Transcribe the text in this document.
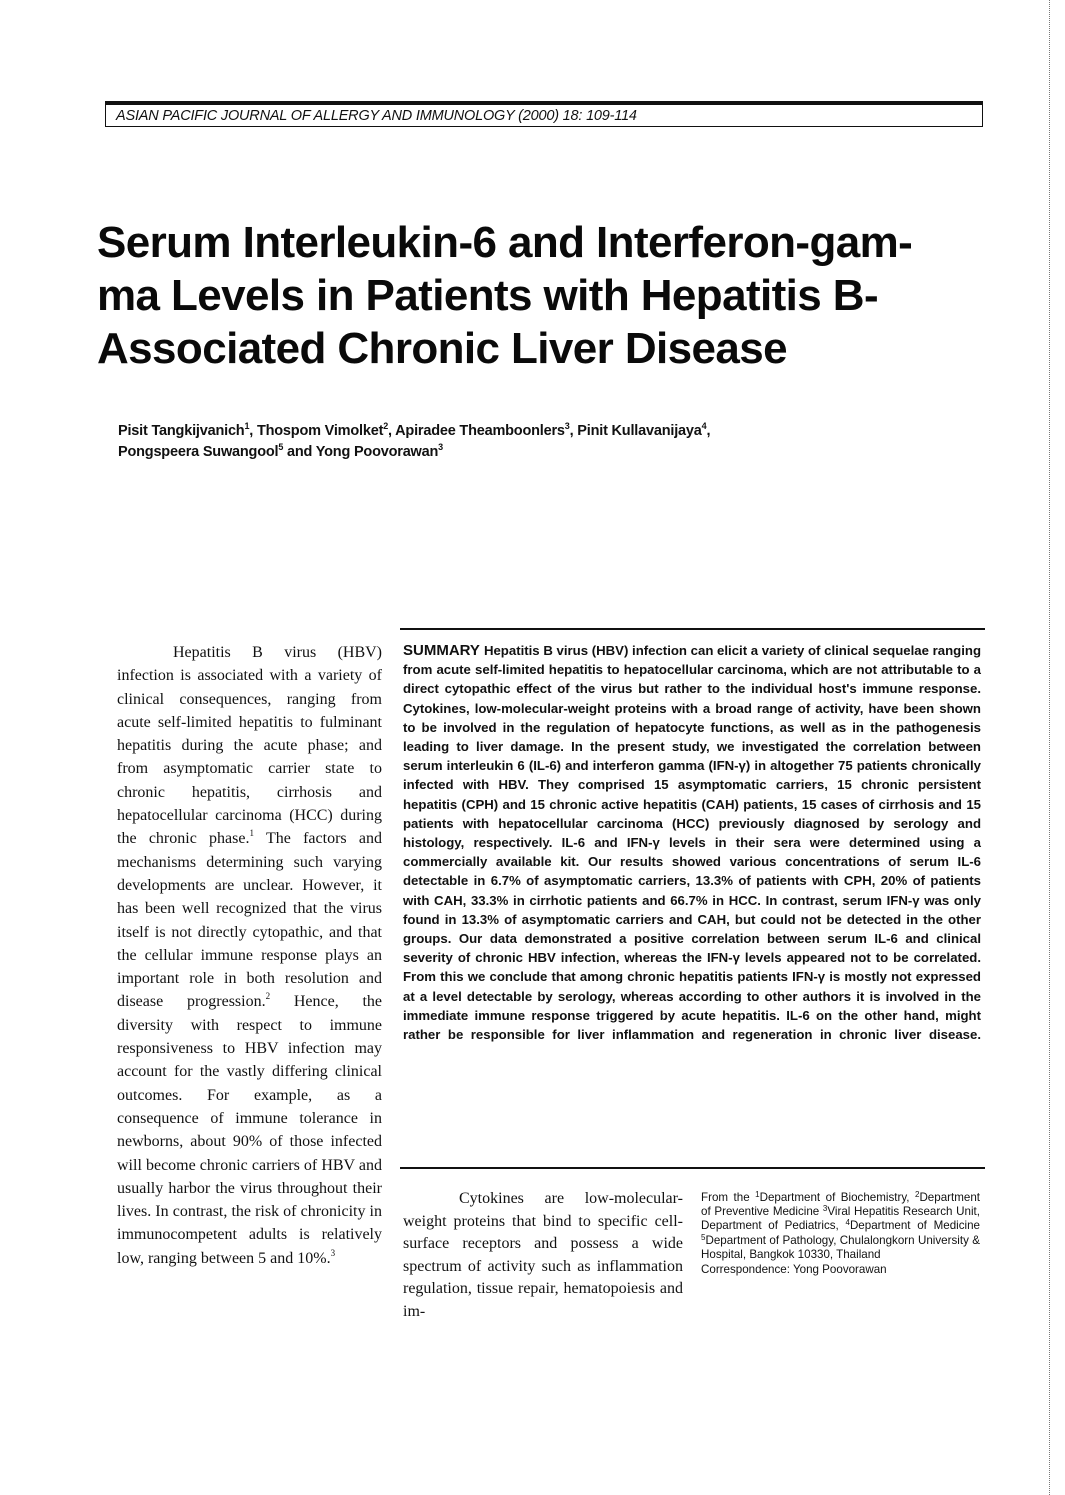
ASIAN PACIFIC JOURNAL OF ALLERGY AND IMMUNOLOGY (2000) 18: 109-114
Serum Interleukin-6 and Interferon-gam-
ma Levels in Patients with Hepatitis B-
Associated Chronic Liver Disease
Pisit Tangkijvanich$^1$, Thospom Vimolket$^2$, Apiradee Theamboonlers$^3$, Pinit Kullavanijaya$^4$,
Pongspeera Suwangool$^5$ and Yong Poovorawan$^3$

Hepatitis B virus (HBV) infection is associated with a variety of clinical consequences, ranging from acute self-limited hepatitis to fulminant hepatitis during the acute phase; and from asymptomatic carrier state to chronic hepatitis, cirrhosis and hepatocellular carcinoma (HCC) during the chronic phase.$^1$ The factors and mechanisms determining such varying developments are unclear. However, it has been well recognized that the virus itself is not directly cytopathic, and that the cellular immune response plays an important role in both resolution and disease progression.$^2$ Hence, the diversity with respect to immune responsiveness to HBV infection may account for the vastly differing clinical outcomes. For example, as a consequence of immune tolerance in newborns, about 90% of those infected will become chronic carriers of HBV and usually harbor the virus throughout their lives. In contrast, the risk of chronicity in immunocompetent adults is relatively low, ranging between 5 and 10%.$^3$

SUMMARY Hepatitis B virus (HBV) infection can elicit a variety of clinical sequelae ranging from acute self-limited hepatitis to hepatocellular carcinoma, which are not attributable to a direct cytopathic effect of the virus but rather to the individual host's immune response. Cytokines, low-molecular-weight proteins with a broad range of activity, have been shown to be involved in the regulation of hepatocyte functions, as well as in the pathogenesis leading to liver damage. In the present study, we investigated the correlation between serum interleukin 6 (IL-6) and interferon gamma (IFN-γ) in altogether 75 patients chronically infected with HBV. They comprised 15 asymptomatic carriers, 15 chronic persistent hepatitis (CPH) and 15 chronic active hepatitis (CAH) patients, 15 cases of cirrhosis and 15 patients with hepatocellular carcinoma (HCC) previously diagnosed by serology and histology, respectively. IL-6 and IFN-γ levels in their sera were determined using a commercially available kit. Our results showed various concentrations of serum IL-6 detectable in 6.7% of asymptomatic carriers, 13.3% of patients with CPH, 20% of patients with CAH, 33.3% in cirrhotic patients and 66.7% in HCC. In contrast, serum IFN-γ was only found in 13.3% of asymptomatic carriers and CAH, but could not be detected in the other groups. Our data demonstrated a positive correlation between serum IL-6 and clinical severity of chronic HBV infection, whereas the IFN-γ levels appeared not to be correlated. From this we conclude that among chronic hepatitis patients IFN-γ is mostly not expressed at a level detectable by serology, whereas according to other authors it is involved in the immediate immune response triggered by acute hepatitis. IL-6 on the other hand, might rather be responsible for liver inflammation and regeneration in chronic liver disease.
Cytokines are low-molecular-weight proteins that bind to specific cell-surface receptors and possess a wide spectrum of activity such as inflammation regulation, tissue repair, hematopoiesis and im-
From the $^1$Department of Biochemistry, $^2$Department of Preventive Medicine $^3$Viral Hepatitis Research Unit, Department of Pediatrics, $^4$Department of Medicine $^5$Department of Pathology, Chulalongkorn University & Hospital, Bangkok 10330, Thailand
Correspondence: Yong Poovorawan
